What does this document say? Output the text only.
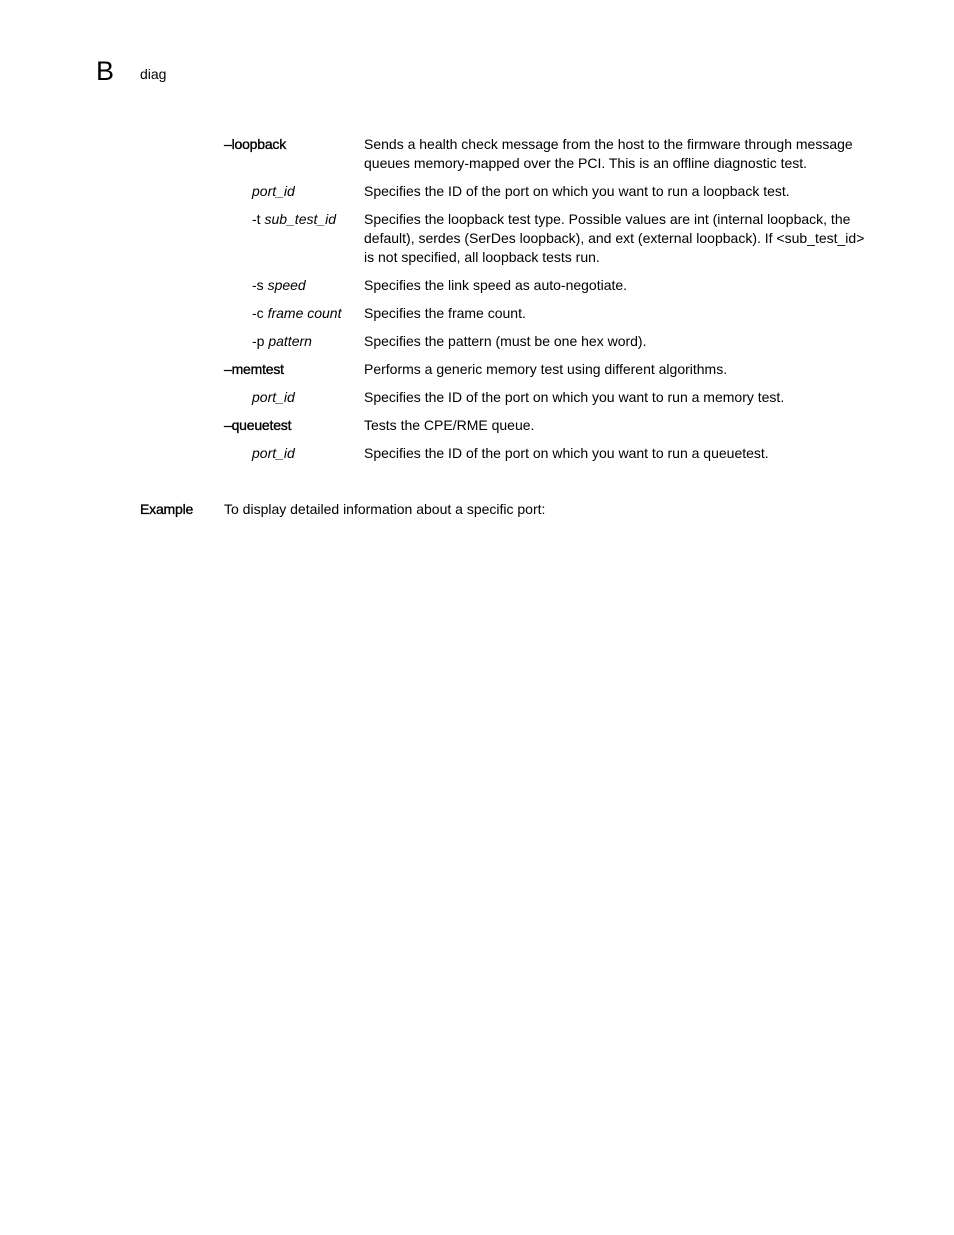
B diag
–loopback	Sends a health check message from the host to the firmware through message queues memory-mapped over the PCI. This is an offline diagnostic test.
port_id	Specifies the ID of the port on which you want to run a loopback test.
-t sub_test_id	Specifies the loopback test type. Possible values are int (internal loopback, the default), serdes (SerDes loopback), and ext (external loopback). If <sub_test_id> is not specified, all loopback tests run.
-s speed	Specifies the link speed as auto-negotiate.
-c frame count	Specifies the frame count.
-p pattern	Specifies the pattern (must be one hex word).
–memtest	Performs a generic memory test using different algorithms.
port_id	Specifies the ID of the port on which you want to run a memory test.
–queuetest	Tests the CPE/RME queue.
port_id	Specifies the ID of the port on which you want to run a queuetest.
Example To display detailed information about a specific port:
